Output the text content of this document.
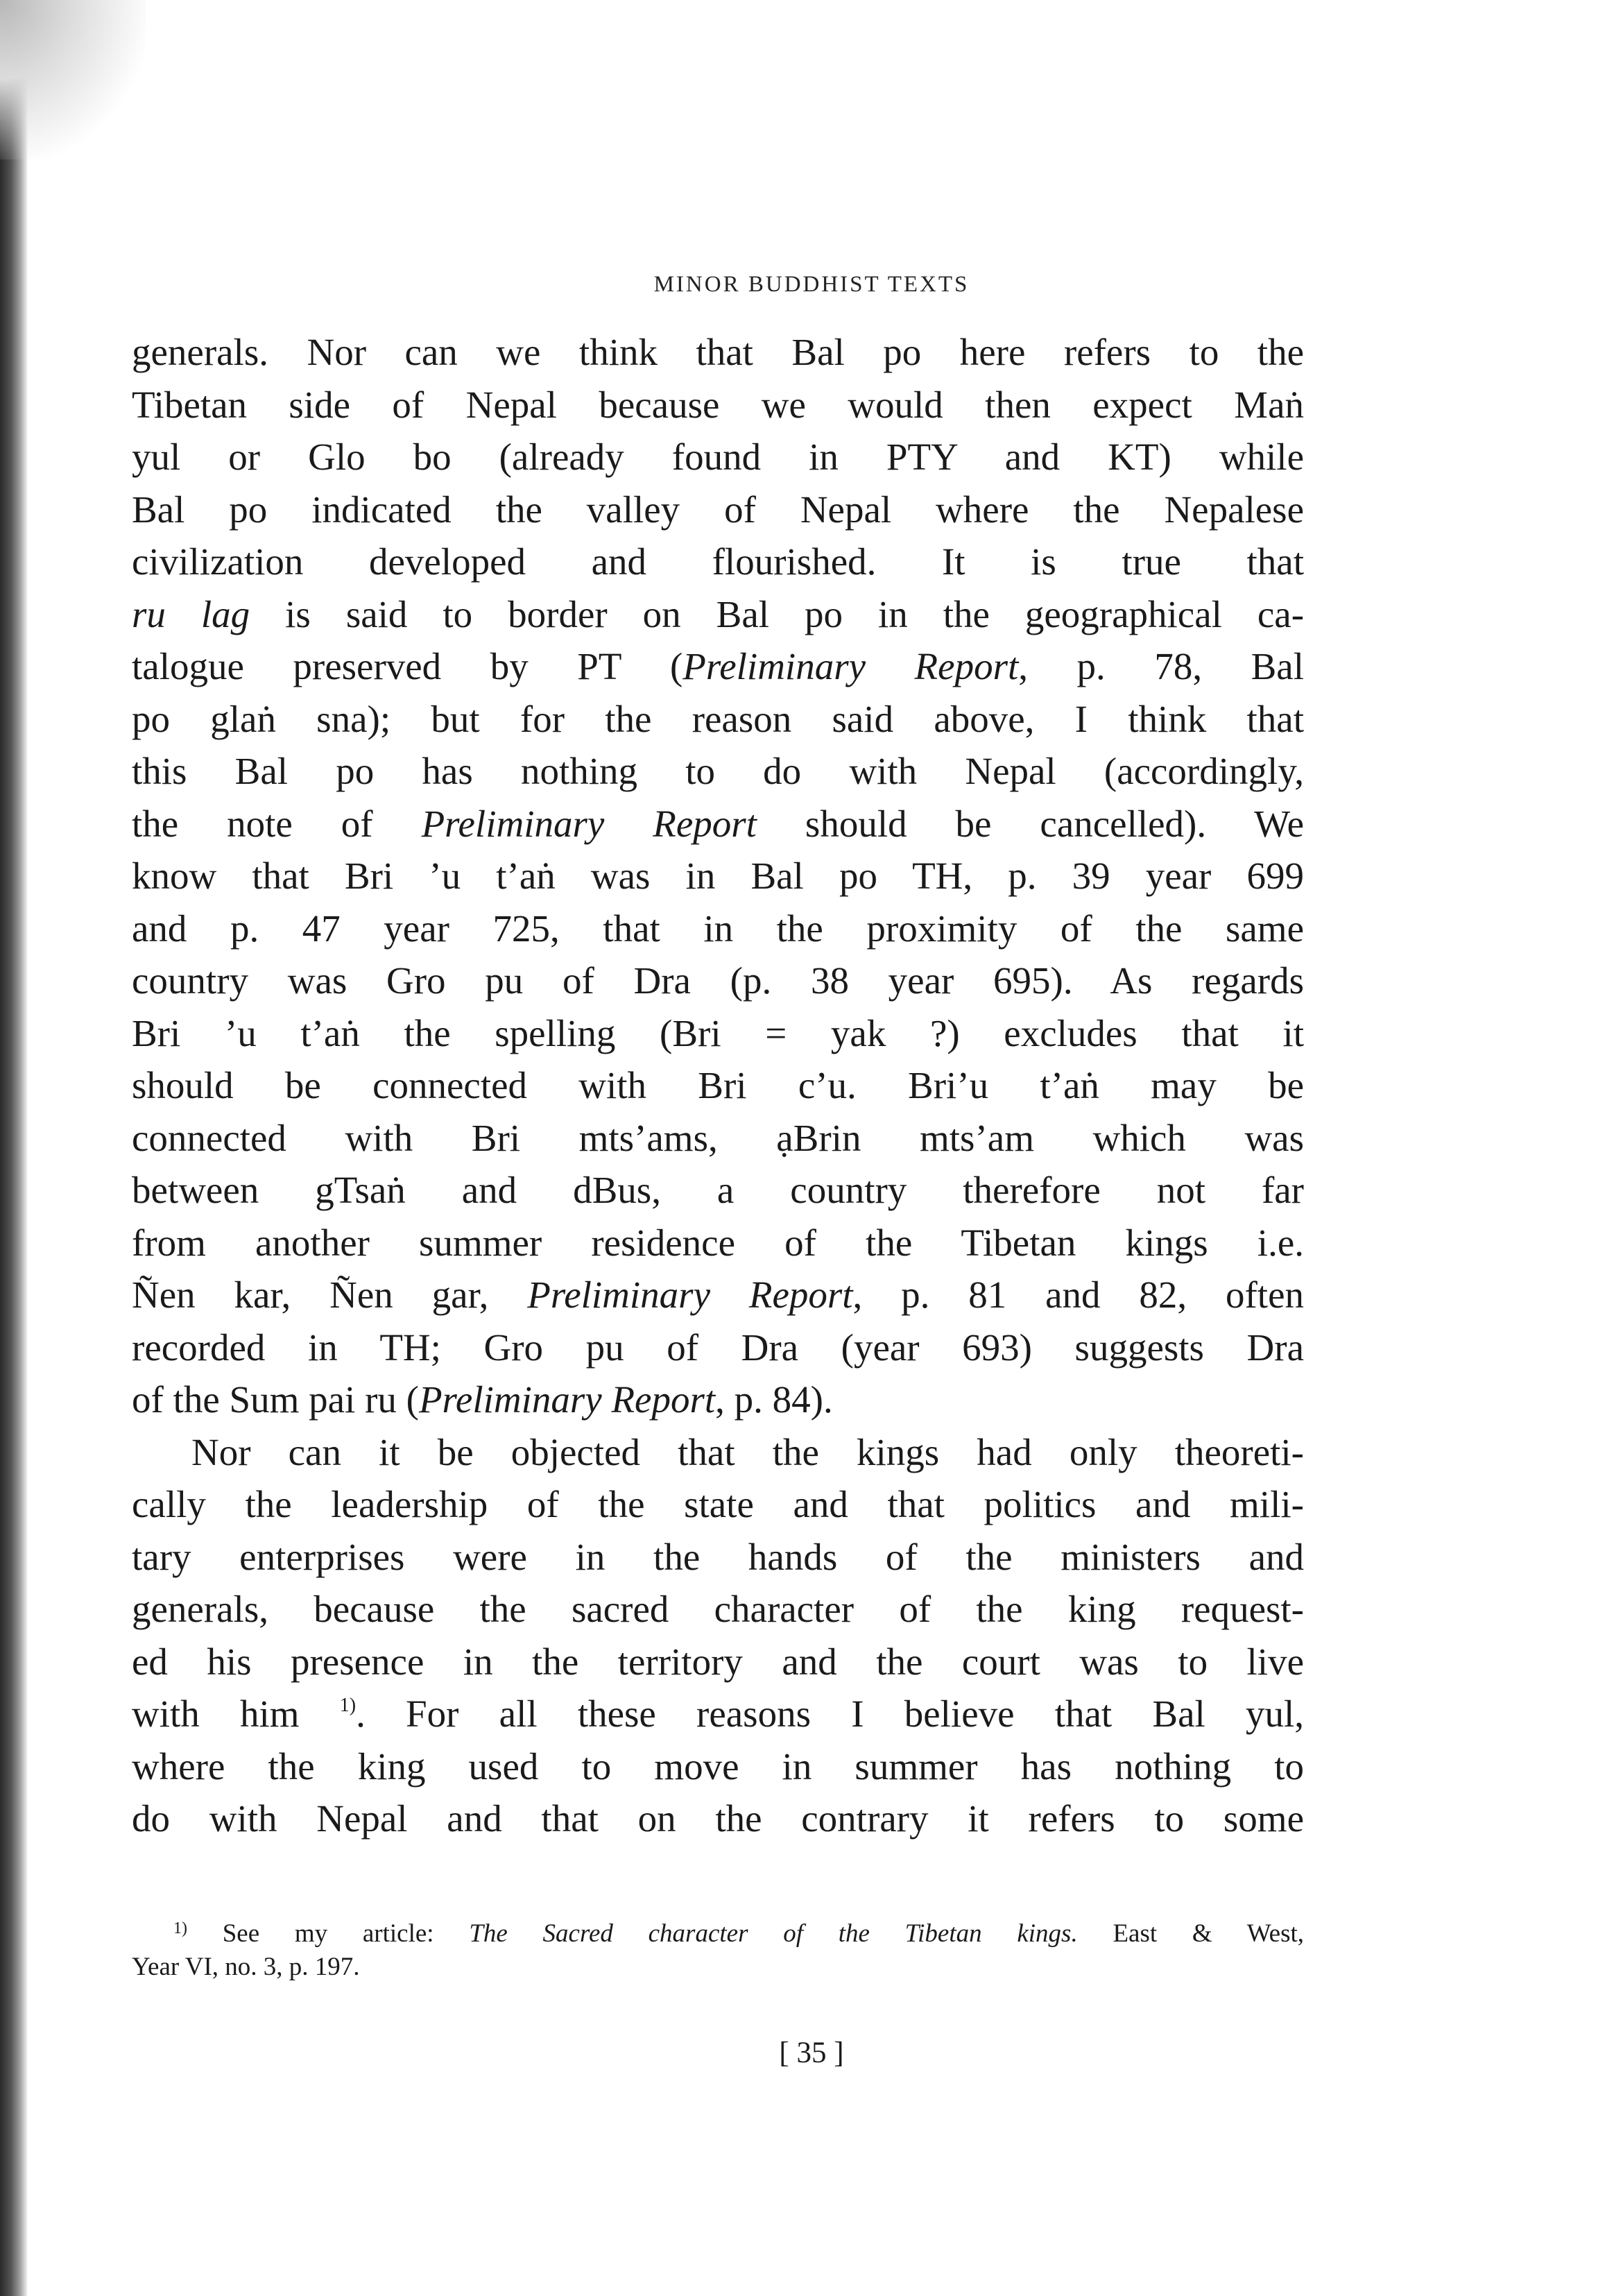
MINOR BUDDHIST TEXTS
generals. Nor can we think that Bal po here refers to the
Tibetan side of Nepal because we would then expect Maṅ
yul or Glo bo (already found in PTY and KT) while
Bal po indicated the valley of Nepal where the Nepalese
civilization developed and flourished. It is true that
ru lag is said to border on Bal po in the geographical ca-
talogue preserved by PT (Preliminary Report, p. 78, Bal
po glaṅ sna); but for the reason said above, I think that
this Bal po has nothing to do with Nepal (accordingly,
the note of Preliminary Report should be cancelled). We
know that Bri ’u t’aṅ was in Bal po TH, p. 39 year 699
and p. 47 year 725, that in the proximity of the same
country was Gro pu of Dra (p. 38 year 695). As regards
Bri ’u t’aṅ the spelling (Bri = yak ?) excludes that it
should be connected with Bri c’u. Bri’u t’aṅ may be
connected with Bri mts’ams, ạBrin mts’am which was
between gTsaṅ and dBus, a country therefore not far
from another summer residence of the Tibetan kings i.e.
Ñen kar, Ñen gar, Preliminary Report, p. 81 and 82, often
recorded in TH; Gro pu of Dra (year 693) suggests Dra
of the Sum pai ru (Preliminary Report, p. 84).
Nor can it be objected that the kings had only theoreti-
cally the leadership of the state and that politics and mili-
tary enterprises were in the hands of the ministers and
generals, because the sacred character of the king request-
ed his presence in the territory and the court was to live
with him $^{1)}$. For all these reasons I believe that Bal yul,
where the king used to move in summer has nothing to
do with Nepal and that on the contrary it refers to some
$^{1)}$ See my article: The Sacred character of the Tibetan kings. East & West,
Year VI, no. 3, p. 197.
[ 35 ]
